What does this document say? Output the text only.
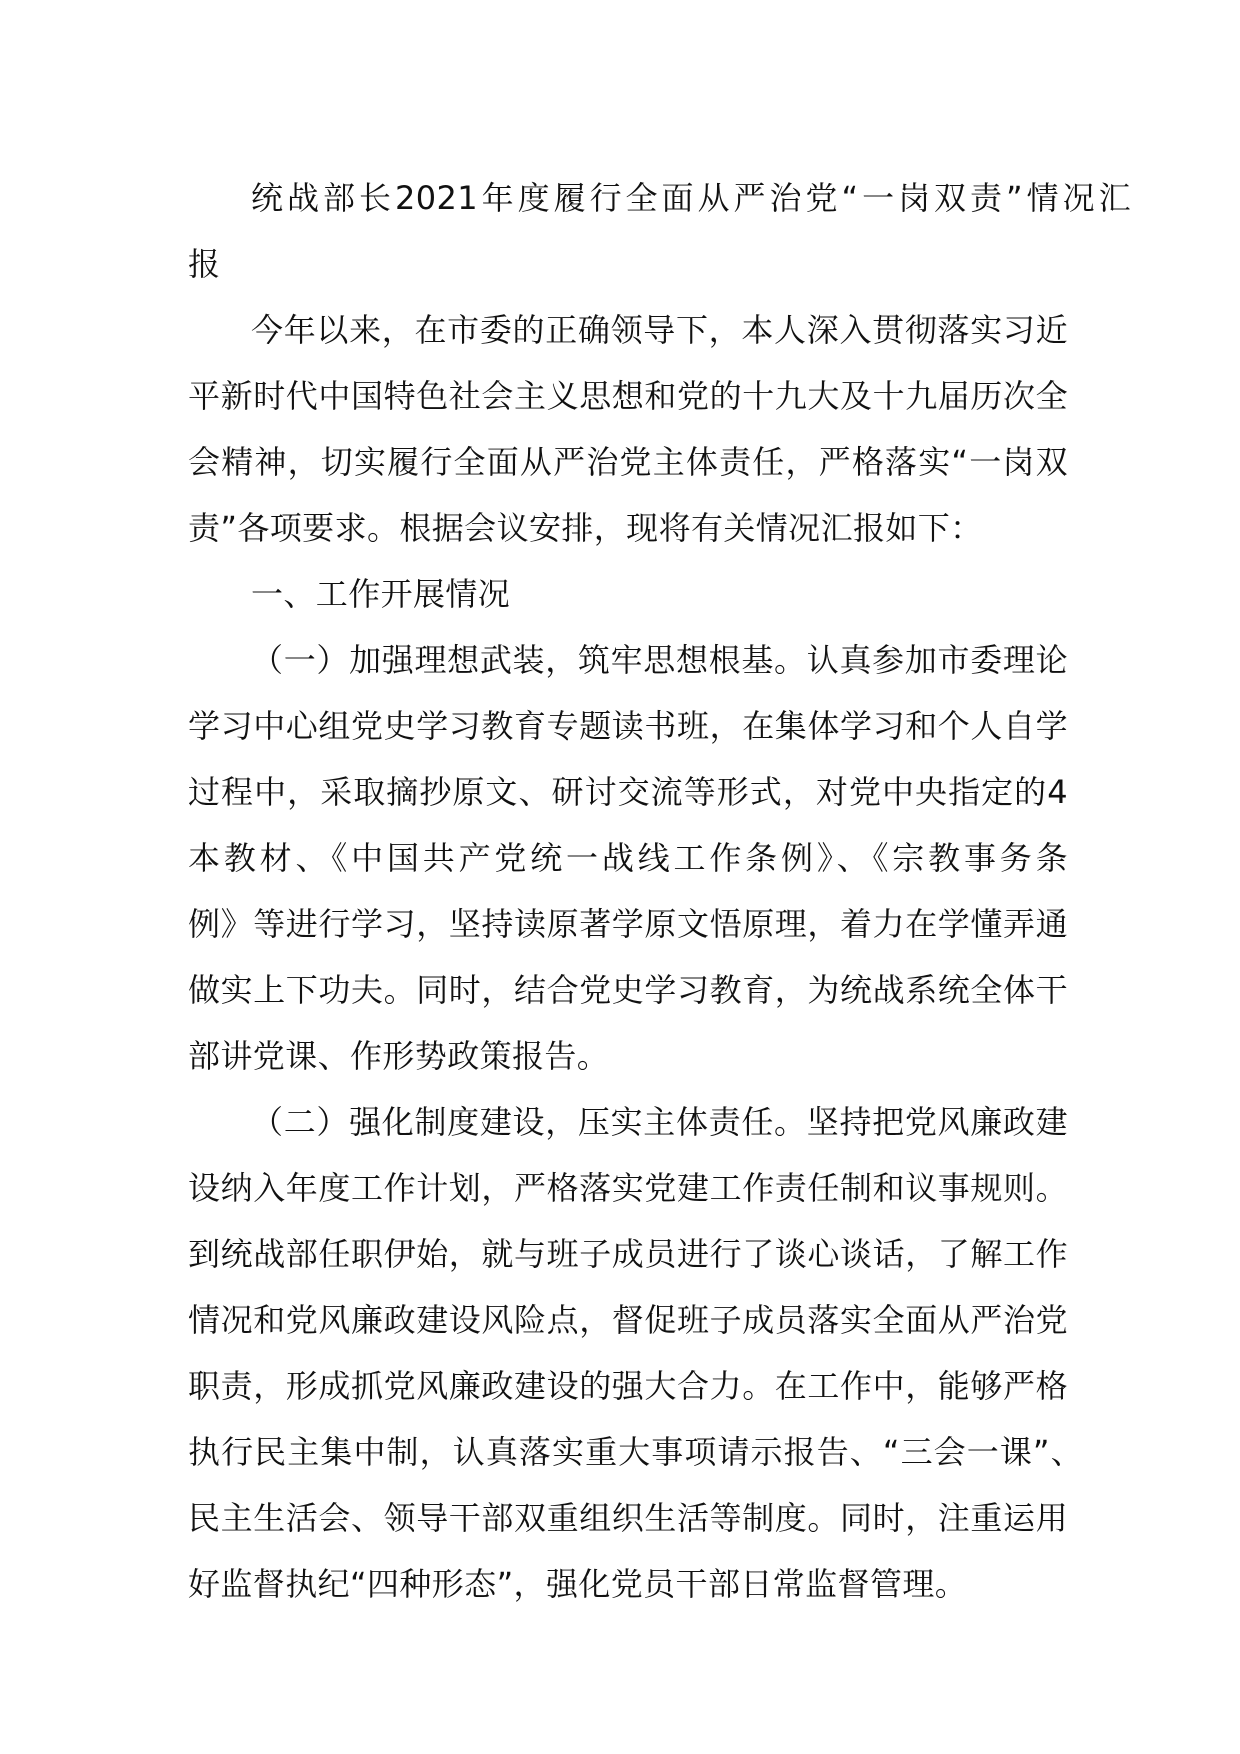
统战部长2021年度履行全面从严治党“一岗双责”情况汇
报
今年以来，在市委的正确领导下，本人深入贯彻落实习近
平新时代中国特色社会主义思想和党的十九大及十九届历次全
会精神，切实履行全面从严治党主体责任，严格落实“一岗双
责”各项要求。根据会议安排，现将有关情况汇报如下：
一、工作开展情况
（一）加强理想武装，筑牢思想根基。认真参加市委理论
学习中心组党史学习教育专题读书班，在集体学习和个人自学
过程中，采取摘抄原文、研讨交流等形式，对党中央指定的4
本教材、《中国共产党统一战线工作条例》、《宗教事务条
例》等进行学习，坚持读原著学原文悟原理，着力在学懂弄通
做实上下功夫。同时，结合党史学习教育，为统战系统全体干
部讲党课、作形势政策报告。
（二）强化制度建设，压实主体责任。坚持把党风廉政建
设纳入年度工作计划，严格落实党建工作责任制和议事规则。
到统战部任职伊始，就与班子成员进行了谈心谈话，了解工作
情况和党风廉政建设风险点，督促班子成员落实全面从严治党
职责，形成抓党风廉政建设的强大合力。在工作中，能够严格
执行民主集中制，认真落实重大事项请示报告、“三会一课”、
民主生活会、领导干部双重组织生活等制度。同时，注重运用
好监督执纪“四种形态”，强化党员干部日常监督管理。
